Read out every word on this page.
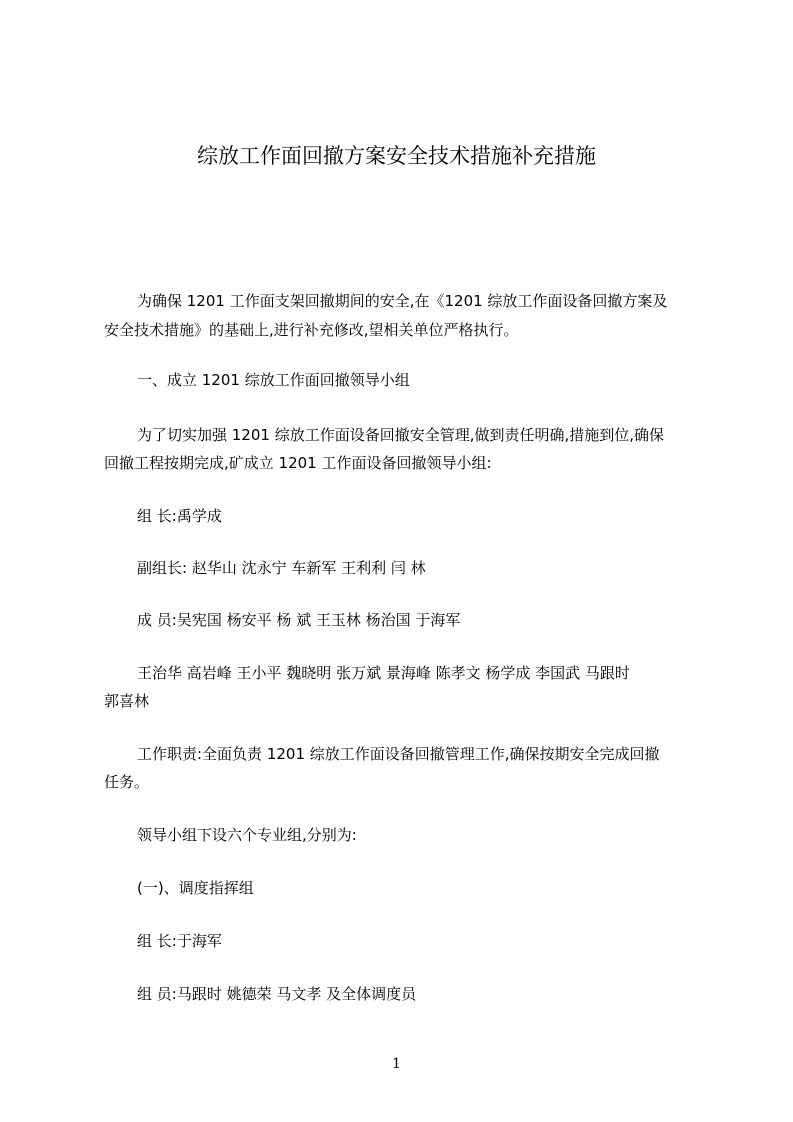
综放工作面回撤方案安全技术措施补充措施

为确保 1201 工作面支架回撤期间的安全,在《1201 综放工作面设备回撤方案及

安全技术措施》的基础上,进行补充修改,望相关单位严格执行。

一、成立 1201 综放工作面回撤领导小组

为了切实加强 1201 综放工作面设备回撤安全管理,做到责任明确,措施到位,确保

回撤工程按期完成,矿成立 1201 工作面设备回撤领导小组:

组 长:禹学成

副组长: 赵华山 沈永宁 车新军 王利利 闫 林

成 员:吴宪国 杨安平 杨 斌 王玉林 杨治国 于海军

王治华 高岩峰 王小平 魏晓明 张万斌 景海峰 陈孝文 杨学成 李国武 马跟时

郭喜林

工作职责:全面负责 1201 综放工作面设备回撤管理工作,确保按期安全完成回撤

任务。

领导小组下设六个专业组,分别为:

(一)、调度指挥组

组 长:于海军

组 员:马跟时 姚德荣 马文孝 及全体调度员

1
